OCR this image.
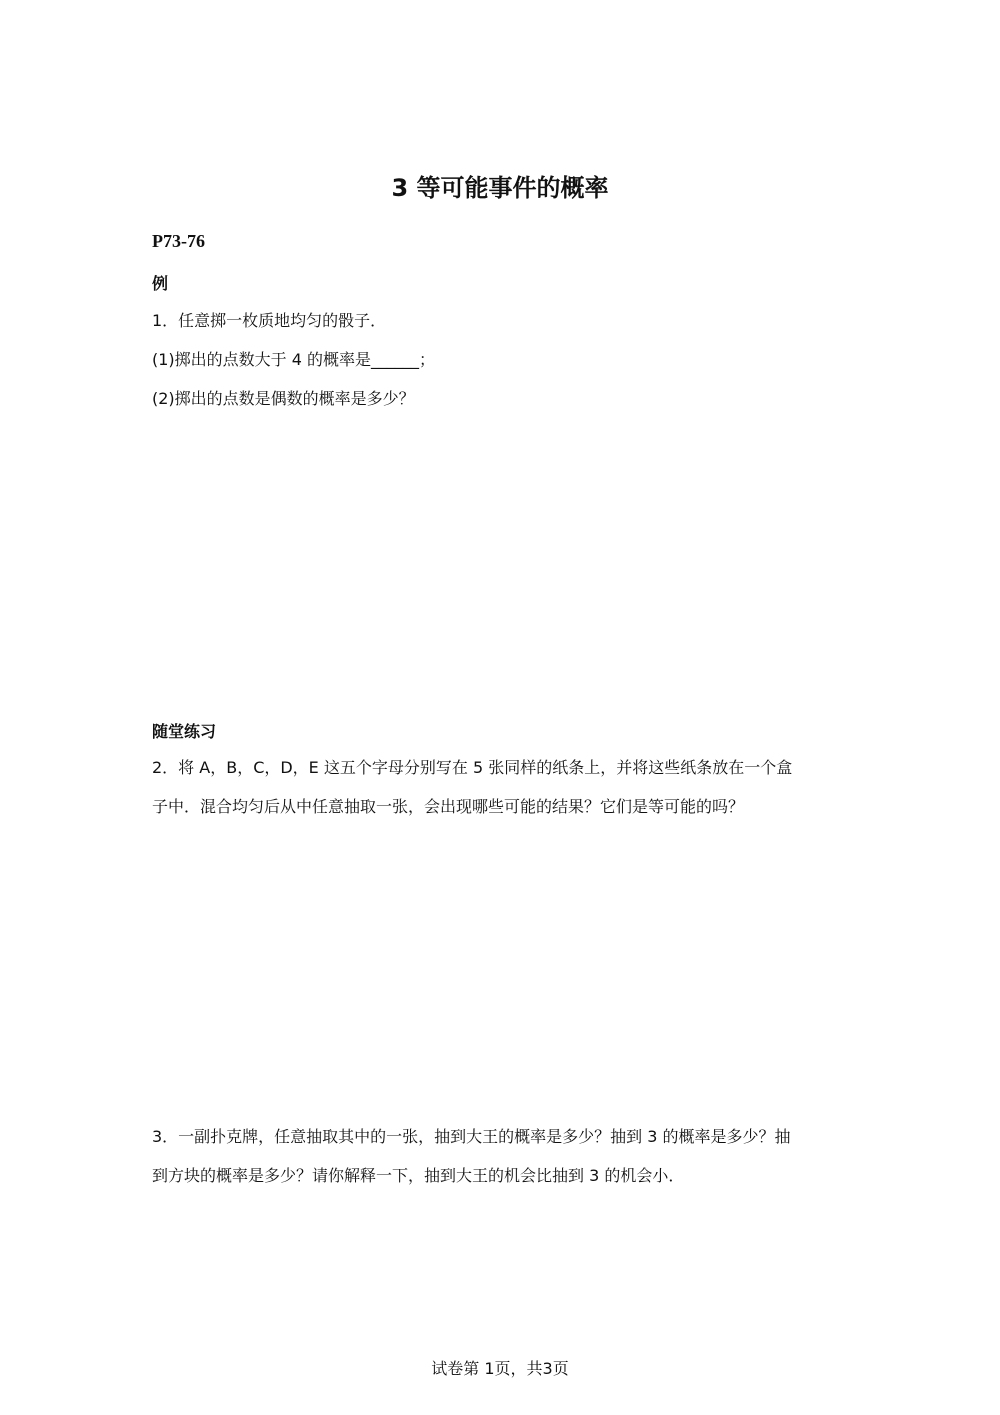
3 等可能事件的概率
P73-76
例
1．任意掷一枚质地均匀的骰子．
(1)掷出的点数大于 4 的概率是______；
(2)掷出的点数是偶数的概率是多少？
随堂练习
2．将 A，B，C，D，E 这五个字母分别写在 5 张同样的纸条上，并将这些纸条放在一个盒
子中．混合均匀后从中任意抽取一张，会出现哪些可能的结果？它们是等可能的吗？
3．一副扑克牌，任意抽取其中的一张，抽到大王的概率是多少？抽到 3 的概率是多少？抽
到方块的概率是多少？请你解释一下，抽到大王的机会比抽到 3 的机会小．
试卷第 1页，共3页
